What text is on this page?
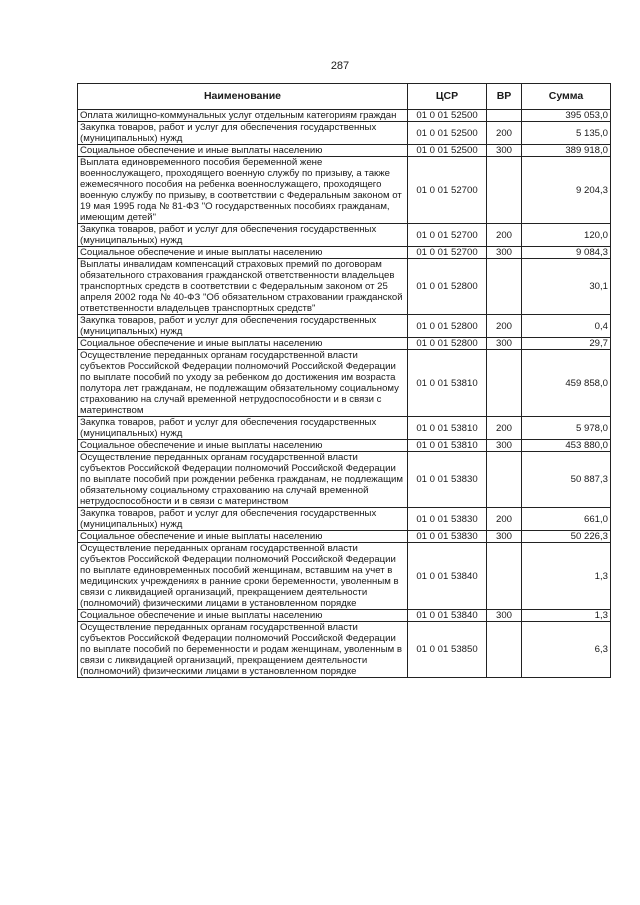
287
Наименование	ЦСР	ВР	Сумма
Оплата жилищно-коммунальных услуг отдельным категориям граждан	01 0 01 52500		395 053,0
Закупка товаров, работ и услуг для обеспечения государственных (муниципальных) нужд	01 0 01 52500	200	5 135,0
Социальное обеспечение и иные выплаты населению	01 0 01 52500	300	389 918,0
Выплата единовременного пособия беременной жене военнослужащего, проходящего военную службу по призыву, а также ежемесячного пособия на ребенка военнослужащего, проходящего военную службу по призыву, в соответствии с Федеральным законом от 19 мая 1995 года № 81-ФЗ "О государственных пособиях гражданам, имеющим детей"	01 0 01 52700		9 204,3
Закупка товаров, работ и услуг для обеспечения государственных (муниципальных) нужд	01 0 01 52700	200	120,0
Социальное обеспечение и иные выплаты населению	01 0 01 52700	300	9 084,3
Выплаты инвалидам компенсаций страховых премий по договорам обязательного страхования гражданской ответственности владельцев транспортных средств в соответствии с Федеральным законом от 25 апреля 2002 года № 40-ФЗ "Об обязательном страховании гражданской ответственности владельцев транспортных средств"	01 0 01 52800		30,1
Закупка товаров, работ и услуг для обеспечения государственных (муниципальных) нужд	01 0 01 52800	200	0,4
Социальное обеспечение и иные выплаты населению	01 0 01 52800	300	29,7
Осуществление переданных органам государственной власти субъектов Российской Федерации полномочий Российской Федерации по выплате пособий по уходу за ребенком до достижения им возраста полутора лет гражданам, не подлежащим обязательному социальному страхованию на случай временной нетрудоспособности и в связи с материнством	01 0 01 53810		459 858,0
Закупка товаров, работ и услуг для обеспечения государственных (муниципальных) нужд	01 0 01 53810	200	5 978,0
Социальное обеспечение и иные выплаты населению	01 0 01 53810	300	453 880,0
Осуществление переданных органам государственной власти субъектов Российской Федерации полномочий Российской Федерации по выплате пособий при рождении ребенка гражданам, не подлежащим обязательному социальному страхованию на случай временной нетрудоспособности и в связи с материнством	01 0 01 53830		50 887,3
Закупка товаров, работ и услуг для обеспечения государственных (муниципальных) нужд	01 0 01 53830	200	661,0
Социальное обеспечение и иные выплаты населению	01 0 01 53830	300	50 226,3
Осуществление переданных органам государственной власти субъектов Российской Федерации полномочий Российской Федерации по выплате единовременных пособий женщинам, вставшим на учет в медицинских учреждениях в ранние сроки беременности, уволенным в связи с ликвидацией организаций, прекращением деятельности (полномочий) физическими лицами в установленном порядке	01 0 01 53840		1,3
Социальное обеспечение и иные выплаты населению	01 0 01 53840	300	1,3
Осуществление переданных органам государственной власти субъектов Российской Федерации полномочий Российской Федерации по выплате пособий по беременности и родам женщинам, уволенным в связи с ликвидацией организаций, прекращением деятельности (полномочий) физическими лицами в установленном порядке	01 0 01 53850		6,3
